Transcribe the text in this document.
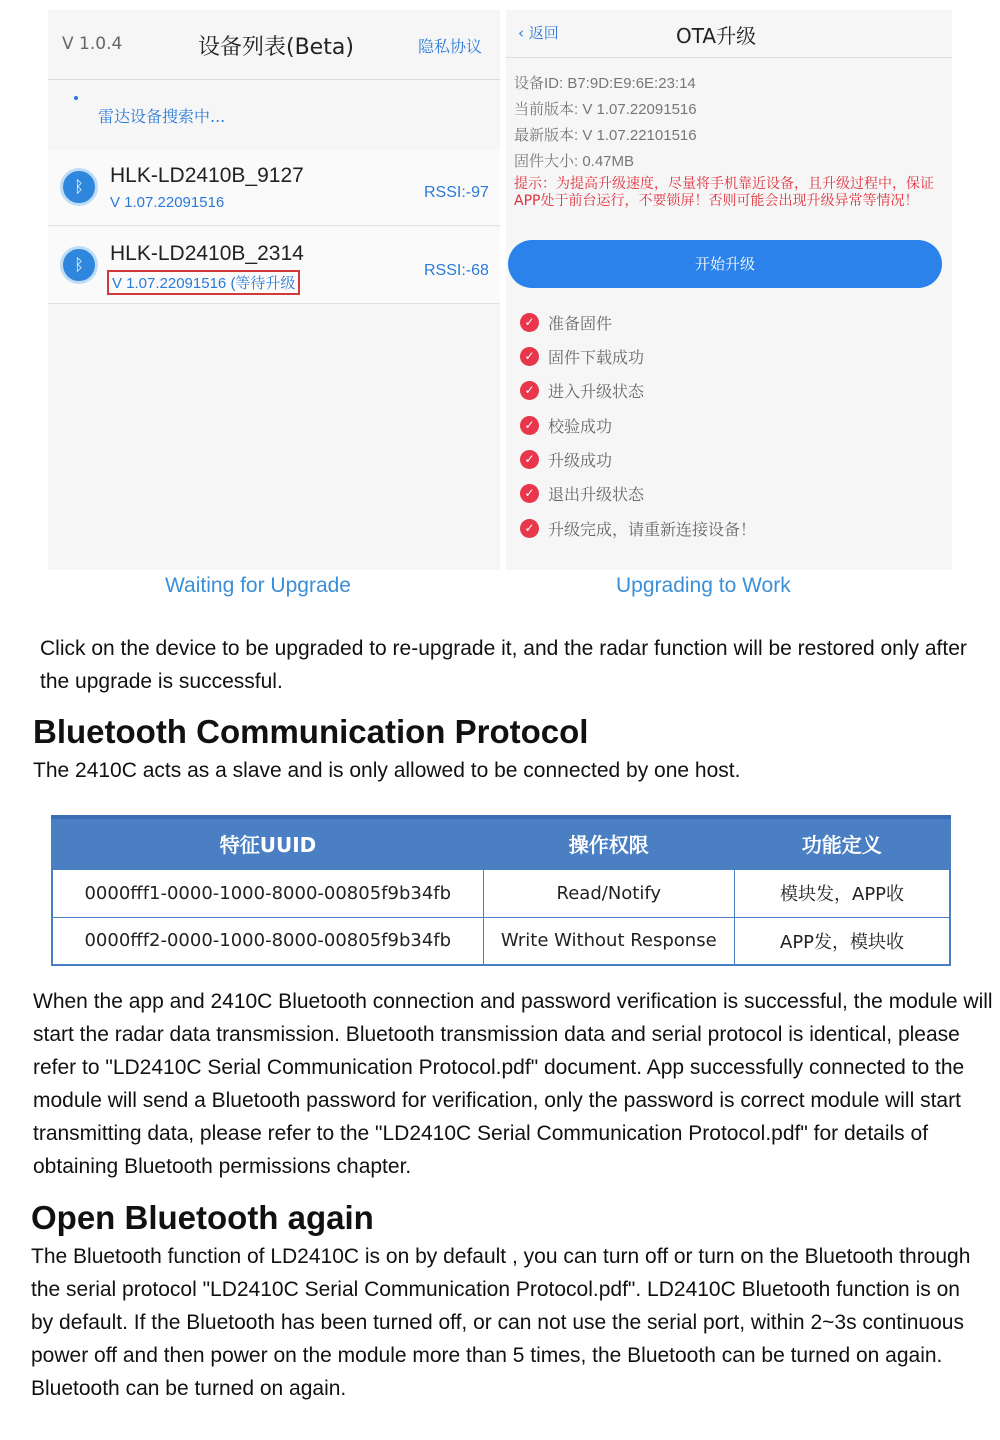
V 1.0.4	设备列表(Beta)	隐私协议
雷达设备搜索中...
ᛒ	HLK-LD2410B_9127
V 1.07.22091516
RSSI:-97
ᛒ	HLK-LD2410B_2314
V 1.07.22091516 (等待升级
RSSI:-68
‹ 返回	OTA升级
设备ID: B7:9D:E9:6E:23:14
当前版本: V 1.07.22091516
最新版本: V 1.07.22101516
固件大小: 0.47MB
提示：为提高升级速度，尽量将手机靠近设备，且升级过程中，保证APP处于前台运行，不要锁屏！否则可能会出现升级异常等情况！
开始升级
✓ 准备固件
✓ 固件下载成功
✓ 进入升级状态
✓ 校验成功
✓ 升级成功
✓ 退出升级状态
✓ 升级完成，请重新连接设备！
Waiting for Upgrade	Upgrading to Work

Click on the device to be upgraded to re-upgrade it, and the radar function will be restored only after the upgrade is successful.

Bluetooth Communication Protocol

The 2410C acts as a slave and is only allowed to be connected by one host.

特征UUID	操作权限	功能定义
0000fff1-0000-1000-8000-00805f9b34fb	Read/Notify	模块发，APP收
0000fff2-0000-1000-8000-00805f9b34fb	Write Without Response	APP发，模块收

When the app and 2410C Bluetooth connection and password verification is successful, the module will start the radar data transmission. Bluetooth transmission data and serial protocol is identical, please refer to "LD2410C Serial Communication Protocol.pdf" document. App successfully connected to the module will send a Bluetooth password for verification, only the password is correct module will start transmitting data, please refer to the "LD2410C Serial Communication Protocol.pdf" for details of obtaining Bluetooth permissions chapter.

Open Bluetooth again

The Bluetooth function of LD2410C is on by default , you can turn off or turn on the Bluetooth through the serial protocol "LD2410C Serial Communication Protocol.pdf". LD2410C Bluetooth function is on by default. If the Bluetooth has been turned off, or can not use the serial port, within 2~3s continuous power off and then power on the module more than 5 times, the Bluetooth can be turned on again. Bluetooth can be turned on again.
